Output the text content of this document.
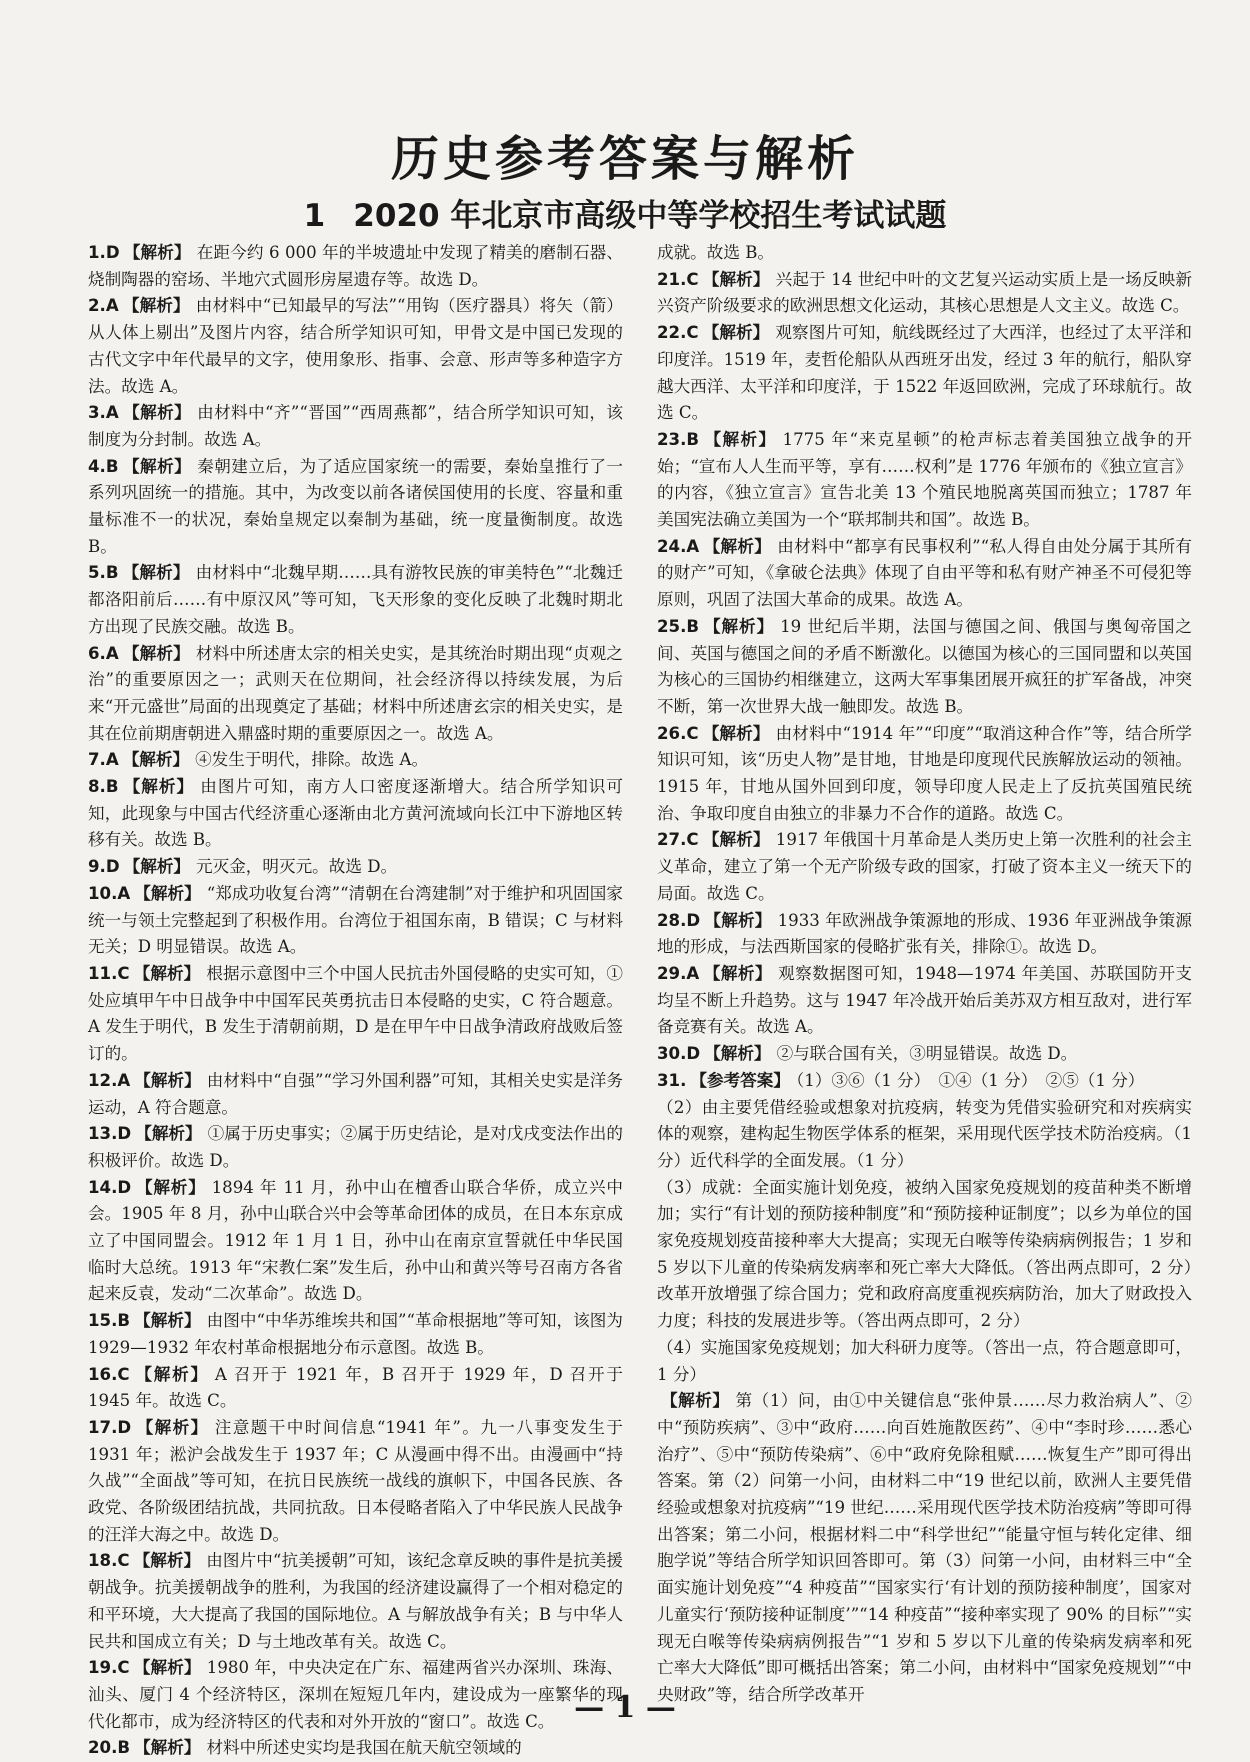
历史参考答案与解析
1 2020 年北京市高级中等学校招生考试试题

1.D 【解析】 在距今约 6 000 年的半坡遗址中发现了精美的磨制石器、烧制陶器的窑场、半地穴式圆形房屋遗存等。故选 D。

2.A 【解析】 由材料中“已知最早的写法”“用钩（医疗器具）将矢（箭）从人体上剔出”及图片内容，结合所学知识可知，甲骨文是中国已发现的古代文字中年代最早的文字，使用象形、指事、会意、形声等多种造字方法。故选 A。

3.A 【解析】 由材料中“齐”“晋国”“西周燕都”，结合所学知识可知，该制度为分封制。故选 A。

4.B 【解析】 秦朝建立后，为了适应国家统一的需要，秦始皇推行了一系列巩固统一的措施。其中，为改变以前各诸侯国使用的长度、容量和重量标准不一的状况，秦始皇规定以秦制为基础，统一度量衡制度。故选 B。

5.B 【解析】 由材料中“北魏早期……具有游牧民族的审美特色”“北魏迁都洛阳前后……有中原汉风”等可知，飞天形象的变化反映了北魏时期北方出现了民族交融。故选 B。

6.A 【解析】 材料中所述唐太宗的相关史实，是其统治时期出现“贞观之治”的重要原因之一；武则天在位期间，社会经济得以持续发展，为后来“开元盛世”局面的出现奠定了基础；材料中所述唐玄宗的相关史实，是其在位前期唐朝进入鼎盛时期的重要原因之一。故选 A。

7.A 【解析】 ④发生于明代，排除。故选 A。

8.B 【解析】 由图片可知，南方人口密度逐渐增大。结合所学知识可知，此现象与中国古代经济重心逐渐由北方黄河流域向长江中下游地区转移有关。故选 B。

9.D 【解析】 元灭金，明灭元。故选 D。

10.A 【解析】 “郑成功收复台湾”“清朝在台湾建制”对于维护和巩固国家统一与领土完整起到了积极作用。台湾位于祖国东南，B 错误；C 与材料无关；D 明显错误。故选 A。

11.C 【解析】 根据示意图中三个中国人民抗击外国侵略的史实可知，①处应填甲午中日战争中中国军民英勇抗击日本侵略的史实，C 符合题意。A 发生于明代，B 发生于清朝前期，D 是在甲午中日战争清政府战败后签订的。

12.A 【解析】 由材料中“自强”“学习外国利器”可知，其相关史实是洋务运动，A 符合题意。

13.D 【解析】 ①属于历史事实；②属于历史结论，是对戊戌变法作出的积极评价。故选 D。

14.D 【解析】 1894 年 11 月，孙中山在檀香山联合华侨，成立兴中会。1905 年 8 月，孙中山联合兴中会等革命团体的成员，在日本东京成立了中国同盟会。1912 年 1 月 1 日，孙中山在南京宣誓就任中华民国临时大总统。1913 年“宋教仁案”发生后，孙中山和黄兴等号召南方各省起来反袁，发动“二次革命”。故选 D。

15.B 【解析】 由图中“中华苏维埃共和国”“革命根据地”等可知，该图为 1929—1932 年农村革命根据地分布示意图。故选 B。

16.C 【解析】 A 召开于 1921 年，B 召开于 1929 年，D 召开于 1945 年。故选 C。

17.D 【解析】 注意题干中时间信息“1941 年”。九一八事变发生于 1931 年；淞沪会战发生于 1937 年；C 从漫画中得不出。由漫画中“持久战”“全面战”等可知，在抗日民族统一战线的旗帜下，中国各民族、各政党、各阶级团结抗战，共同抗敌。日本侵略者陷入了中华民族人民战争的汪洋大海之中。故选 D。

18.C 【解析】 由图片中“抗美援朝”可知，该纪念章反映的事件是抗美援朝战争。抗美援朝战争的胜利，为我国的经济建设赢得了一个相对稳定的和平环境，大大提高了我国的国际地位。A 与解放战争有关；B 与中华人民共和国成立有关；D 与土地改革有关。故选 C。

19.C 【解析】 1980 年，中央决定在广东、福建两省兴办深圳、珠海、汕头、厦门 4 个经济特区，深圳在短短几年内，建设成为一座繁华的现代化都市，成为经济特区的代表和对外开放的“窗口”。故选 C。

20.B 【解析】 材料中所述史实均是我国在航天航空领域的

成就。故选 B。

21.C 【解析】 兴起于 14 世纪中叶的文艺复兴运动实质上是一场反映新兴资产阶级要求的欧洲思想文化运动，其核心思想是人文主义。故选 C。

22.C 【解析】 观察图片可知，航线既经过了大西洋，也经过了太平洋和印度洋。1519 年，麦哲伦船队从西班牙出发，经过 3 年的航行，船队穿越大西洋、太平洋和印度洋，于 1522 年返回欧洲，完成了环球航行。故选 C。

23.B 【解析】 1775 年“来克星顿”的枪声标志着美国独立战争的开始；“宣布人人生而平等，享有……权利”是 1776 年颁布的《独立宣言》的内容，《独立宣言》宣告北美 13 个殖民地脱离英国而独立；1787 年美国宪法确立美国为一个“联邦制共和国”。故选 B。

24.A 【解析】 由材料中“都享有民事权利”“私人得自由处分属于其所有的财产”可知，《拿破仑法典》体现了自由平等和私有财产神圣不可侵犯等原则，巩固了法国大革命的成果。故选 A。

25.B 【解析】 19 世纪后半期，法国与德国之间、俄国与奥匈帝国之间、英国与德国之间的矛盾不断激化。以德国为核心的三国同盟和以英国为核心的三国协约相继建立，这两大军事集团展开疯狂的扩军备战，冲突不断，第一次世界大战一触即发。故选 B。

26.C 【解析】 由材料中“1914 年”“印度”“取消这种合作”等，结合所学知识可知，该“历史人物”是甘地，甘地是印度现代民族解放运动的领袖。1915 年，甘地从国外回到印度，领导印度人民走上了反抗英国殖民统治、争取印度自由独立的非暴力不合作的道路。故选 C。

27.C 【解析】 1917 年俄国十月革命是人类历史上第一次胜利的社会主义革命，建立了第一个无产阶级专政的国家，打破了资本主义一统天下的局面。故选 C。

28.D 【解析】 1933 年欧洲战争策源地的形成、1936 年亚洲战争策源地的形成，与法西斯国家的侵略扩张有关，排除①。故选 D。

29.A 【解析】 观察数据图可知，1948—1974 年美国、苏联国防开支均呈不断上升趋势。这与 1947 年冷战开始后美苏双方相互敌对，进行军备竞赛有关。故选 A。

30.D 【解析】 ②与联合国有关，③明显错误。故选 D。

31. 【参考答案】 （1）③⑥（1 分）　①④（1 分）　②⑤（1 分）

（2）由主要凭借经验或想象对抗疫病，转变为凭借实验研究和对疾病实体的观察，建构起生物医学体系的框架，采用现代医学技术防治疫病。（1 分）近代科学的全面发展。（1 分）

（3）成就：全面实施计划免疫，被纳入国家免疫规划的疫苗种类不断增加；实行“有计划的预防接种制度”和“预防接种证制度”；以乡为单位的国家免疫规划疫苗接种率大大提高；实现无白喉等传染病病例报告；1 岁和 5 岁以下儿童的传染病发病率和死亡率大大降低。（答出两点即可，2 分）改革开放增强了综合国力；党和政府高度重视疾病防治，加大了财政投入力度；科技的发展进步等。（答出两点即可，2 分）

（4）实施国家免疫规划；加大科研力度等。（答出一点，符合题意即可，1 分）

【解析】 第（1）问，由①中关键信息“张仲景……尽力救治病人”、②中“预防疾病”、③中“政府……向百姓施散医药”、④中“李时珍……悉心治疗”、⑤中“预防传染病”、⑥中“政府免除租赋……恢复生产”即可得出答案。第（2）问第一小问，由材料二中“19 世纪以前，欧洲人主要凭借经验或想象对抗疫病”“19 世纪……采用现代医学技术防治疫病”等即可得出答案；第二小问，根据材料二中“科学世纪”“能量守恒与转化定律、细胞学说”等结合所学知识回答即可。第（3）问第一小问，由材料三中“全面实施计划免疫”“4 种疫苗”“国家实行‘有计划的预防接种制度’，国家对儿童实行‘预防接种证制度’”“14 种疫苗”“接种率实现了 90% 的目标”“实现无白喉等传染病病例报告”“1 岁和 5 岁以下儿童的传染病发病率和死亡率大大降低”即可概括出答案；第二小问，由材料中“国家免疫规划”“中央财政”等，结合所学改革开

— 1 —
